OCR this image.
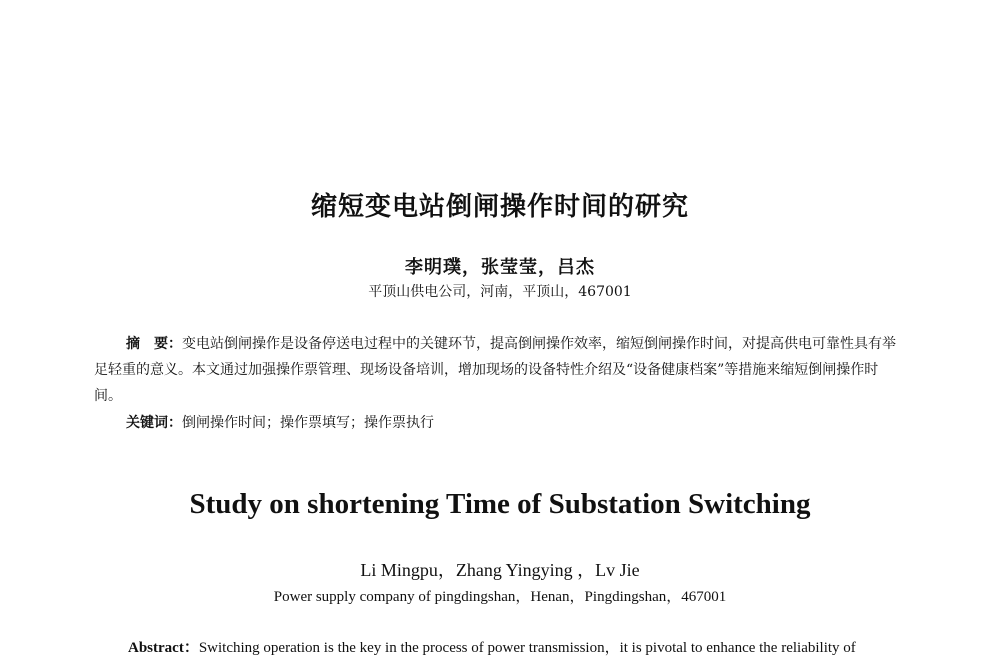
缩短变电站倒闸操作时间的研究
李明璞，张莹莹，吕杰
平顶山供电公司，河南，平顶山，467001
摘　要：变电站倒闸操作是设备停送电过程中的关键环节，提高倒闸操作效率，缩短倒闸操作时间，对提高供电可靠性具有举足轻重的意义。本文通过加强操作票管理、现场设备培训，增加现场的设备特性介绍及“设备健康档案”等措施来缩短倒闸操作时间。
关键词：倒闸操作时间；操作票填写；操作票执行
Study on shortening Time of Substation Switching
Li Mingpu，Zhang Yingying ，Lv Jie
Power supply company of pingdingshan，Henan，Pingdingshan，467001
Abstract：Switching operation is the key in the process of power transmission，it is pivotal to enhance the reliability of
